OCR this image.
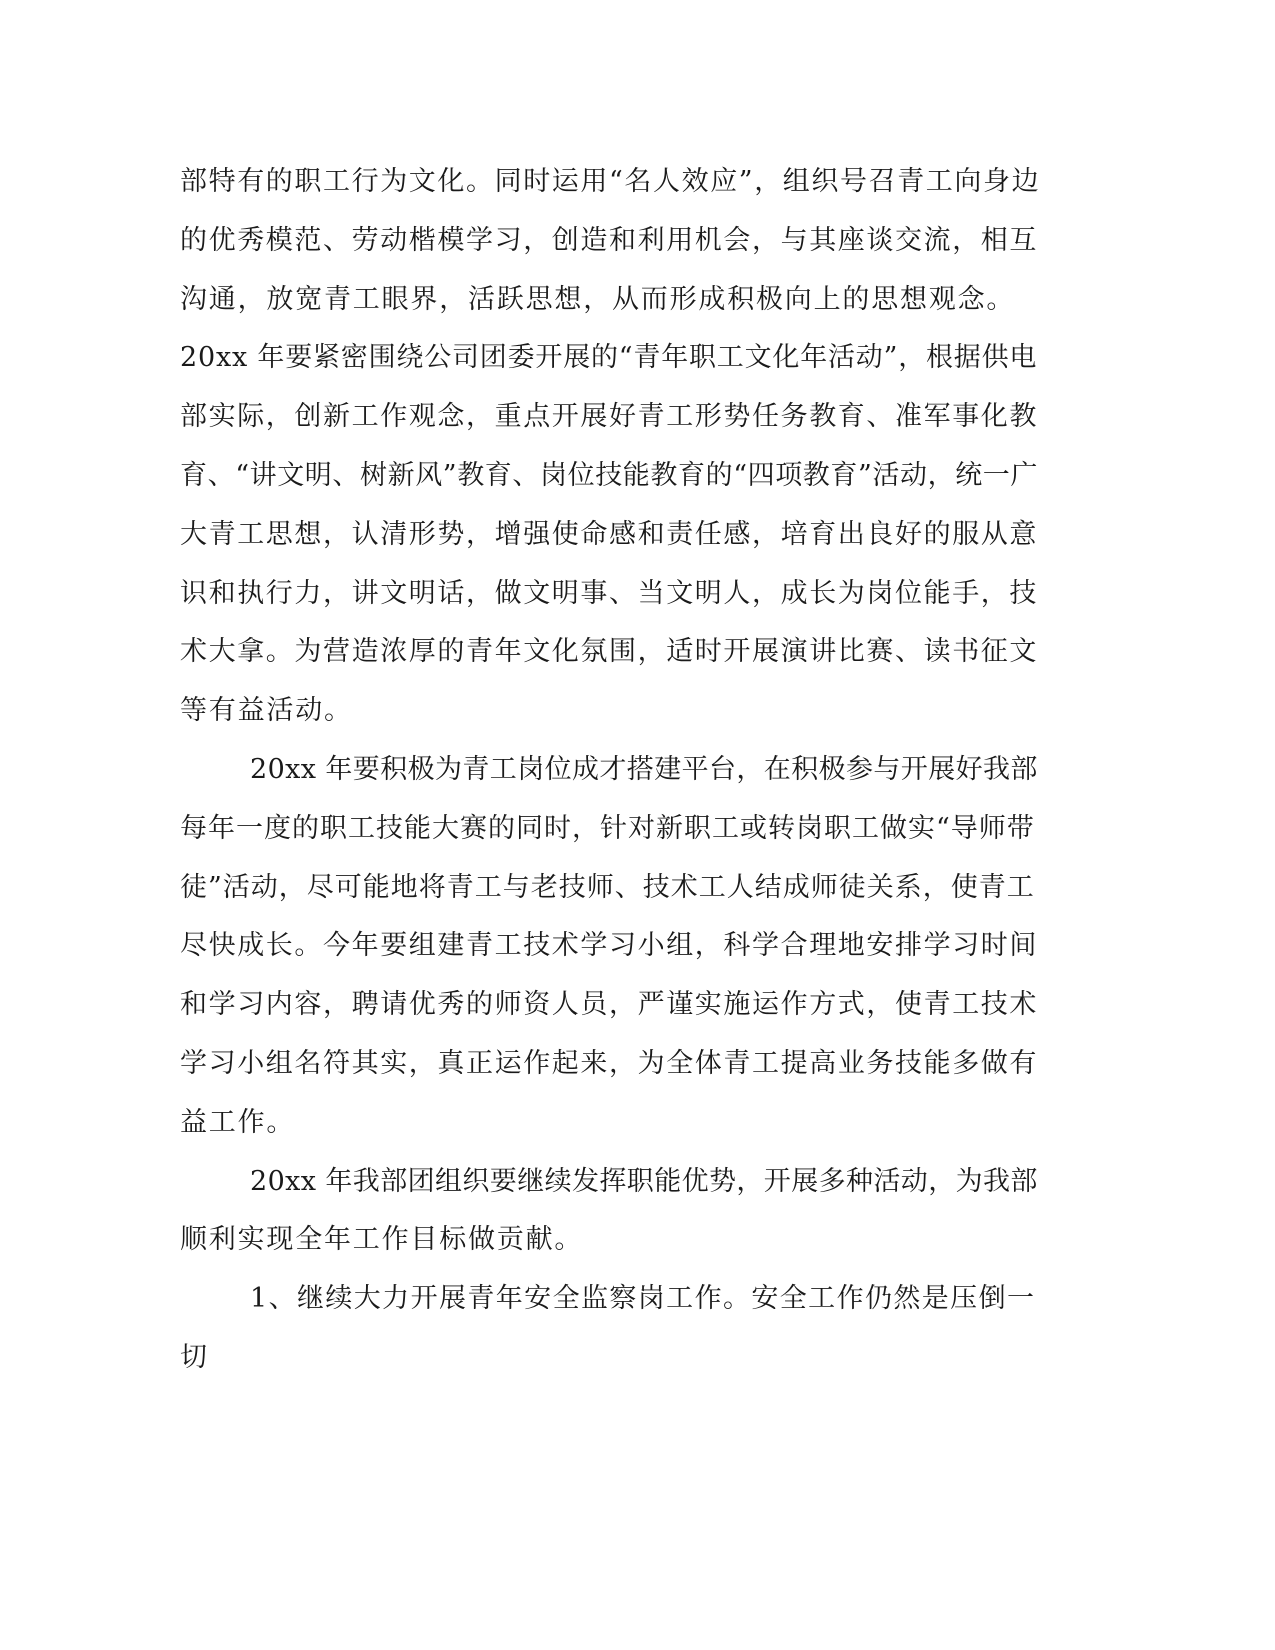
部特有的职工行为文化。同时运用“名人效应”，组织号召青工向身边
的优秀模范、劳动楷模学习，创造和利用机会，与其座谈交流，相互
沟通，放宽青工眼界，活跃思想，从而形成积极向上的思想观念。
20xx 年要紧密围绕公司团委开展的“青年职工文化年活动”，根据供电
部实际，创新工作观念，重点开展好青工形势任务教育、准军事化教
育、“讲文明、树新风”教育、岗位技能教育的“四项教育”活动，统一广
大青工思想，认清形势，增强使命感和责任感，培育出良好的服从意
识和执行力，讲文明话，做文明事、当文明人，成长为岗位能手，技
术大拿。为营造浓厚的青年文化氛围，适时开展演讲比赛、读书征文
等有益活动。
20xx 年要积极为青工岗位成才搭建平台，在积极参与开展好我部
每年一度的职工技能大赛的同时，针对新职工或转岗职工做实“导师带
徒”活动，尽可能地将青工与老技师、技术工人结成师徒关系，使青工
尽快成长。今年要组建青工技术学习小组，科学合理地安排学习时间
和学习内容，聘请优秀的师资人员，严谨实施运作方式，使青工技术
学习小组名符其实，真正运作起来，为全体青工提高业务技能多做有
益工作。
20xx 年我部团组织要继续发挥职能优势，开展多种活动，为我部
顺利实现全年工作目标做贡献。
1、继续大力开展青年安全监察岗工作。安全工作仍然是压倒一
切
